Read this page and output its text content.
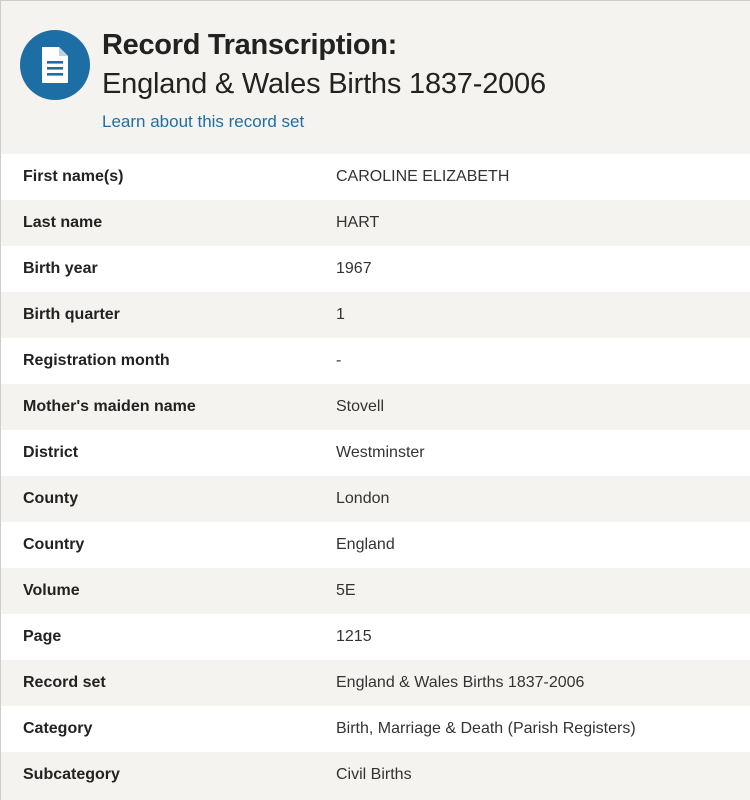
Record Transcription:
England & Wales Births 1837-2006
Learn about this record set
First name(s)	CAROLINE ELIZABETH
Last name	HART
Birth year	1967
Birth quarter	1
Registration month	-
Mother's maiden name	Stovell
District	Westminster
County	London
Country	England
Volume	5E
Page	1215
Record set	England & Wales Births 1837-2006
Category	Birth, Marriage & Death (Parish Registers)
Subcategory	Civil Births
